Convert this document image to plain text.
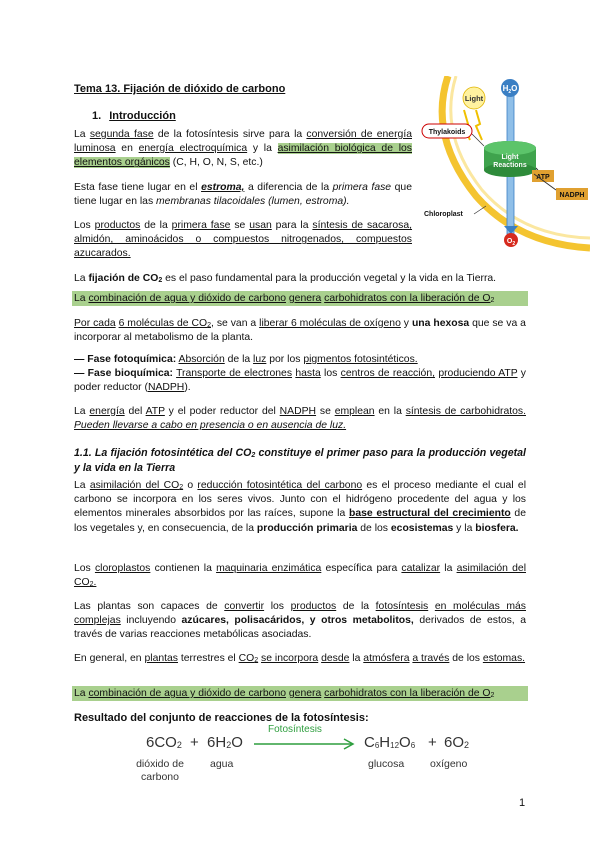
$H_2O$
Light
Light
Reactions
Thylakoids
ATP
NADPH
Chloroplast
$O_2$
Tema 13. Fijación de dióxido de carbono
1. Introducción

La segunda fase de la fotosíntesis sirve para la conversión de energía luminosa en energía electroquímica y la asimilación biológica de los elementos orgánicos (C, H, O, N, S, etc.)

Esta fase tiene lugar en el estroma, a diferencia de la primera fase que tiene lugar en las membranas tilacoidales (lumen, estroma).

Los productos de la primera fase se usan para la síntesis de sacarosa, almidón, aminoácidos o compuestos nitrogenados, compuestos azucarados.

La fijación de $CO_2$ es el paso fundamental para la producción vegetal y la vida en la Tierra.

La combinación de agua y dióxido de carbono genera carbohidratos con la liberación de $O_2$

Por cada 6 moléculas de $CO_2$, se van a liberar 6 moléculas de oxígeno y una hexosa que se va a incorporar al metabolismo de la planta.

— Fase fotoquímica: Absorción de la luz por los pigmentos fotosintéticos.

— Fase bioquímica: Transporte de electrones hasta los centros de reacción, produciendo ATP y poder reductor (NADPH).

La energía del ATP y el poder reductor del NADPH se emplean en la síntesis de carbohidratos. Pueden llevarse a cabo en presencia o en ausencia de luz.

1.1. La fijación fotosintética del $CO_2$ constituye el primer paso para la producción vegetal y la vida en la Tierra

La asimilación del $CO_2$ o reducción fotosintética del carbono es el proceso mediante el cual el carbono se incorpora en los seres vivos. Junto con el hidrógeno procedente del agua y los elementos minerales absorbidos por las raíces, supone la base estructural del crecimiento de los vegetales y, en consecuencia, de la producción primaria de los ecosistemas y la biosfera.

Los cloroplastos contienen la maquinaria enzimática específica para catalizar la asimilación del $CO_2$.

Las plantas son capaces de convertir los productos de la fotosíntesis en moléculas más complejas incluyendo azúcares, polisacáridos, y otros metabolitos, derivados de estos, a través de varias reacciones metabólicas asociadas.

En general, en plantas terrestres el $CO_2$ se incorpora desde la atmósfera a través de los estomas.

La combinación de agua y dióxido de carbono genera carbohidratos con la liberación de $O_2$

Resultado del conjunto de reacciones de la fotosíntesis:
$6CO_2 + 6H_2O$
Fotosíntesis
$C_6H_{12}O_6 + 6O_2$
dióxido de
carbono
agua	glucosa oxígeno
1
